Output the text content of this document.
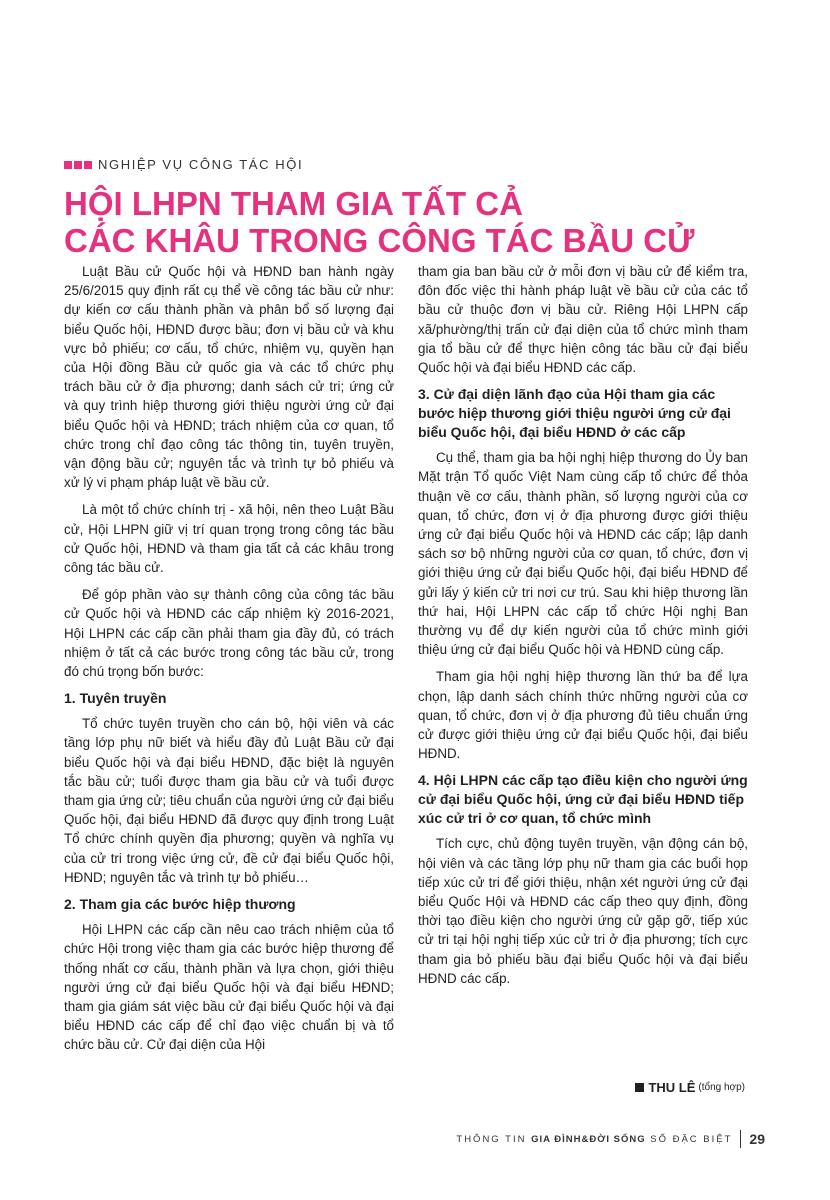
NGHIỆP VỤ CÔNG TÁC HỘI
HỘI LHPN THAM GIA TẤT CẢ
CÁC KHÂU TRONG CÔNG TÁC BẦU CỬ

Luật Bầu cử Quốc hội và HĐND ban hành ngày 25/6/2015 quy định rất cụ thể về công tác bầu cử như: dự kiến cơ cấu thành phần và phân bổ số lượng đại biểu Quốc hội, HĐND được bầu; đơn vị bầu cử và khu vực bỏ phiếu; cơ cấu, tổ chức, nhiệm vụ, quyền hạn của Hội đồng Bầu cử quốc gia và các tổ chức phụ trách bầu cử ở địa phương; danh sách cử tri; ứng cử và quy trình hiệp thương giới thiệu người ứng cử đại biểu Quốc hội và HĐND; trách nhiệm của cơ quan, tổ chức trong chỉ đạo công tác thông tin, tuyên truyền, vận động bầu cử; nguyên tắc và trình tự bỏ phiếu và xử lý vi phạm pháp luật về bầu cử.

Là một tổ chức chính trị - xã hội, nên theo Luật Bầu cử, Hội LHPN giữ vị trí quan trọng trong công tác bầu cử Quốc hội, HĐND và tham gia tất cả các khâu trong công tác bầu cử.

Để góp phần vào sự thành công của công tác bầu cử Quốc hội và HĐND các cấp nhiệm kỳ 2016-2021, Hội LHPN các cấp cần phải tham gia đầy đủ, có trách nhiệm ở tất cả các bước trong công tác bầu cử, trong đó chú trọng bốn bước:

1. Tuyên truyền

Tổ chức tuyên truyền cho cán bộ, hội viên và các tầng lớp phụ nữ biết và hiểu đầy đủ Luật Bầu cử đại biểu Quốc hội và đại biểu HĐND, đặc biệt là nguyên tắc bầu cử; tuổi được tham gia bầu cử và tuổi được tham gia ứng cử; tiêu chuẩn của người ứng cử đại biểu Quốc hội, đại biểu HĐND đã được quy định trong Luật Tổ chức chính quyền địa phương; quyền và nghĩa vụ của cử tri trong việc ứng cử, đề cử đại biểu Quốc hội, HĐND; nguyên tắc và trình tự bỏ phiếu…

2. Tham gia các bước hiệp thương

Hội LHPN các cấp cần nêu cao trách nhiệm của tổ chức Hội trong việc tham gia các bước hiệp thương để thống nhất cơ cấu, thành phần và lựa chọn, giới thiệu người ứng cử đại biểu Quốc hội và đại biểu HĐND; tham gia giám sát việc bầu cử đại biểu Quốc hội và đại biểu HĐND các cấp để chỉ đạo việc chuẩn bị và tổ chức bầu cử. Cử đại diện của Hội

tham gia ban bầu cử ở mỗi đơn vị bầu cử để kiểm tra, đôn đốc việc thi hành pháp luật về bầu cử của các tổ bầu cử thuộc đơn vị bầu cử. Riêng Hội LHPN cấp xã/phường/thị trấn cử đại diện của tổ chức mình tham gia tổ bầu cử để thực hiện công tác bầu cử đại biểu Quốc hội và đại biểu HĐND các cấp.

3. Cử đại diện lãnh đạo của Hội tham gia các bước hiệp thương giới thiệu người ứng cử đại biểu Quốc hội, đại biểu HĐND ở các cấp

Cụ thể, tham gia ba hội nghị hiệp thương do Ủy ban Mặt trận Tổ quốc Việt Nam cùng cấp tổ chức để thỏa thuận về cơ cấu, thành phần, số lượng người của cơ quan, tổ chức, đơn vị ở địa phương được giới thiệu ứng cử đại biểu Quốc hội và HĐND các cấp; lập danh sách sơ bộ những người của cơ quan, tổ chức, đơn vị giới thiệu ứng cử đại biểu Quốc hội, đại biểu HĐND để gửi lấy ý kiến cử tri nơi cư trú. Sau khi hiệp thương lần thứ hai, Hội LHPN các cấp tổ chức Hội nghị Ban thường vụ để dự kiến người của tổ chức mình giới thiệu ứng cử đại biểu Quốc hội và HĐND cùng cấp.

Tham gia hội nghị hiệp thương lần thứ ba để lựa chọn, lập danh sách chính thức những người của cơ quan, tổ chức, đơn vị ở địa phương đủ tiêu chuẩn ứng cử được giới thiệu ứng cử đại biểu Quốc hội, đại biểu HĐND.

4. Hội LHPN các cấp tạo điều kiện cho người ứng cử đại biểu Quốc hội, ứng cử đại biểu HĐND tiếp xúc cử tri ở cơ quan, tổ chức mình

Tích cực, chủ động tuyên truyền, vận động cán bộ, hội viên và các tầng lớp phụ nữ tham gia các buổi họp tiếp xúc cử tri để giới thiệu, nhận xét người ứng cử đại biểu Quốc Hội và HĐND các cấp theo quy định, đồng thời tạo điều kiện cho người ứng cử gặp gỡ, tiếp xúc cử tri tại hội nghị tiếp xúc cử tri ở địa phương; tích cực tham gia bỏ phiếu bầu đại biểu Quốc hội và đại biểu HĐND các cấp.

THU LÊ (tổng hợp)
THÔNG TIN
GIA ĐÌNH&ĐỜI SỐNG
SỐ ĐẶC BIỆT 29
